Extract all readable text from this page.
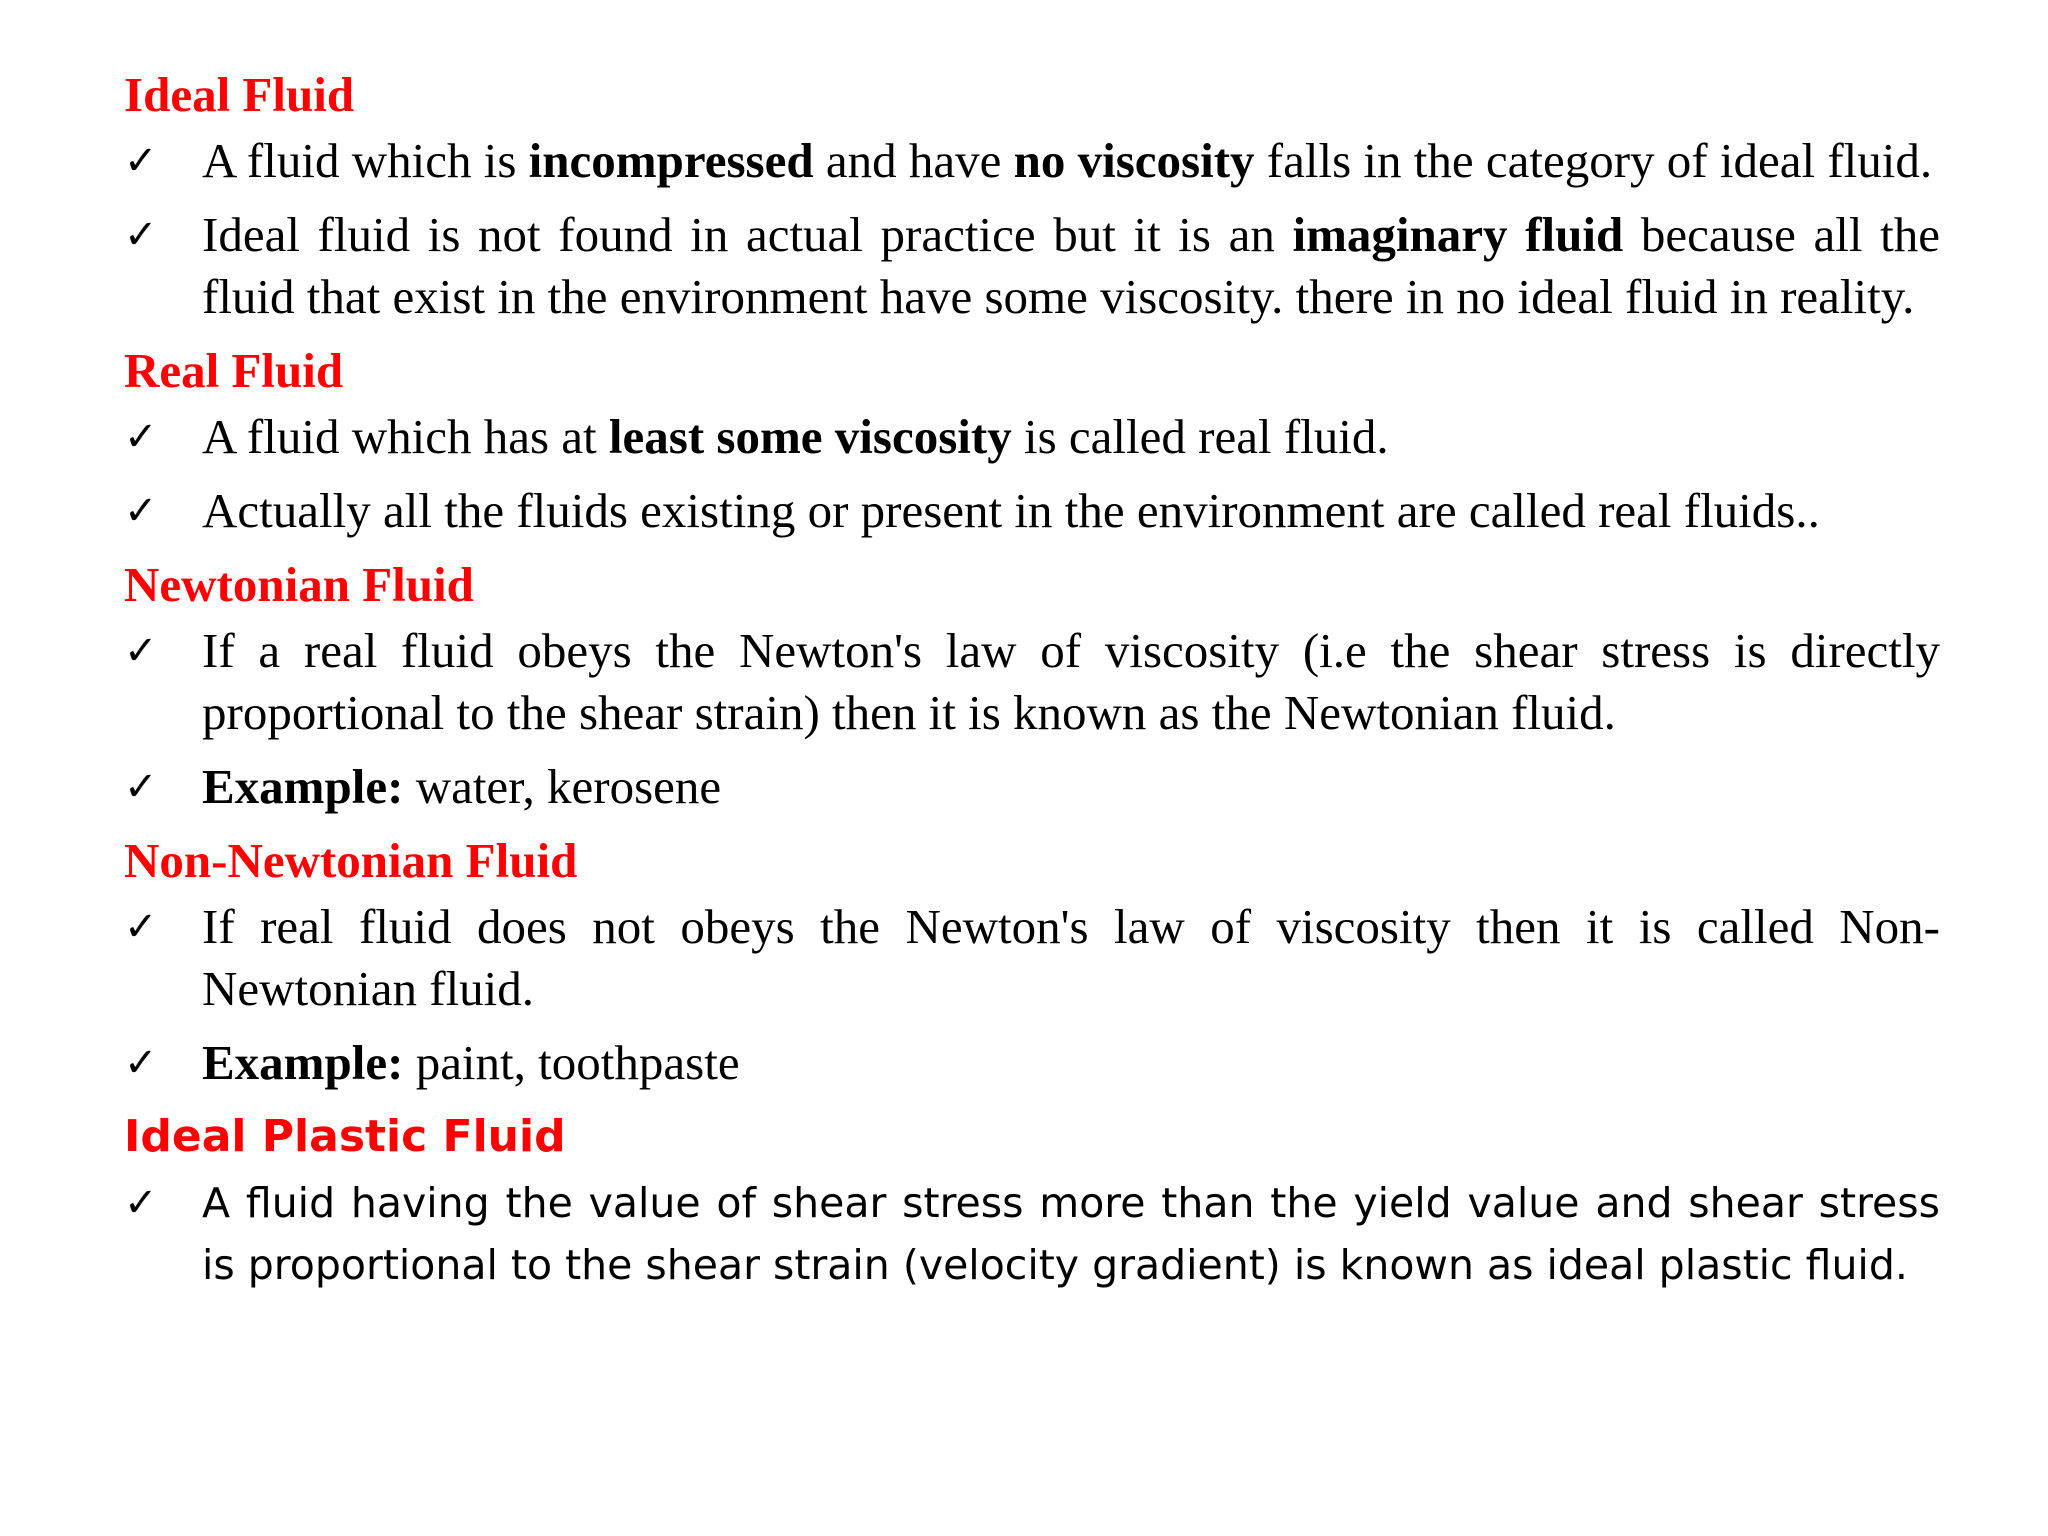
Ideal Fluid
✓ A fluid which is incompressed and have no viscosity falls in the category of ideal fluid.
✓ Ideal fluid is not found in actual practice but it is an imaginary fluid because all the fluid that exist in the environment have some viscosity. there in no ideal fluid in reality.
Real Fluid
✓ A fluid which has at least some viscosity is called real fluid.
✓ Actually all the fluids existing or present in the environment are called real fluids..
Newtonian Fluid
✓ If a real fluid obeys the Newton's law of viscosity (i.e the shear stress is directly proportional to the shear strain) then it is known as the Newtonian fluid.
✓ Example: water, kerosene
Non-Newtonian Fluid
✓ If real fluid does not obeys the Newton's law of viscosity then it is called Non-Newtonian fluid.
✓ Example: paint, toothpaste
Ideal Plastic Fluid
✓ A fluid having the value of shear stress more than the yield value and shear stress is proportional to the shear strain (velocity gradient) is known as ideal plastic fluid.
